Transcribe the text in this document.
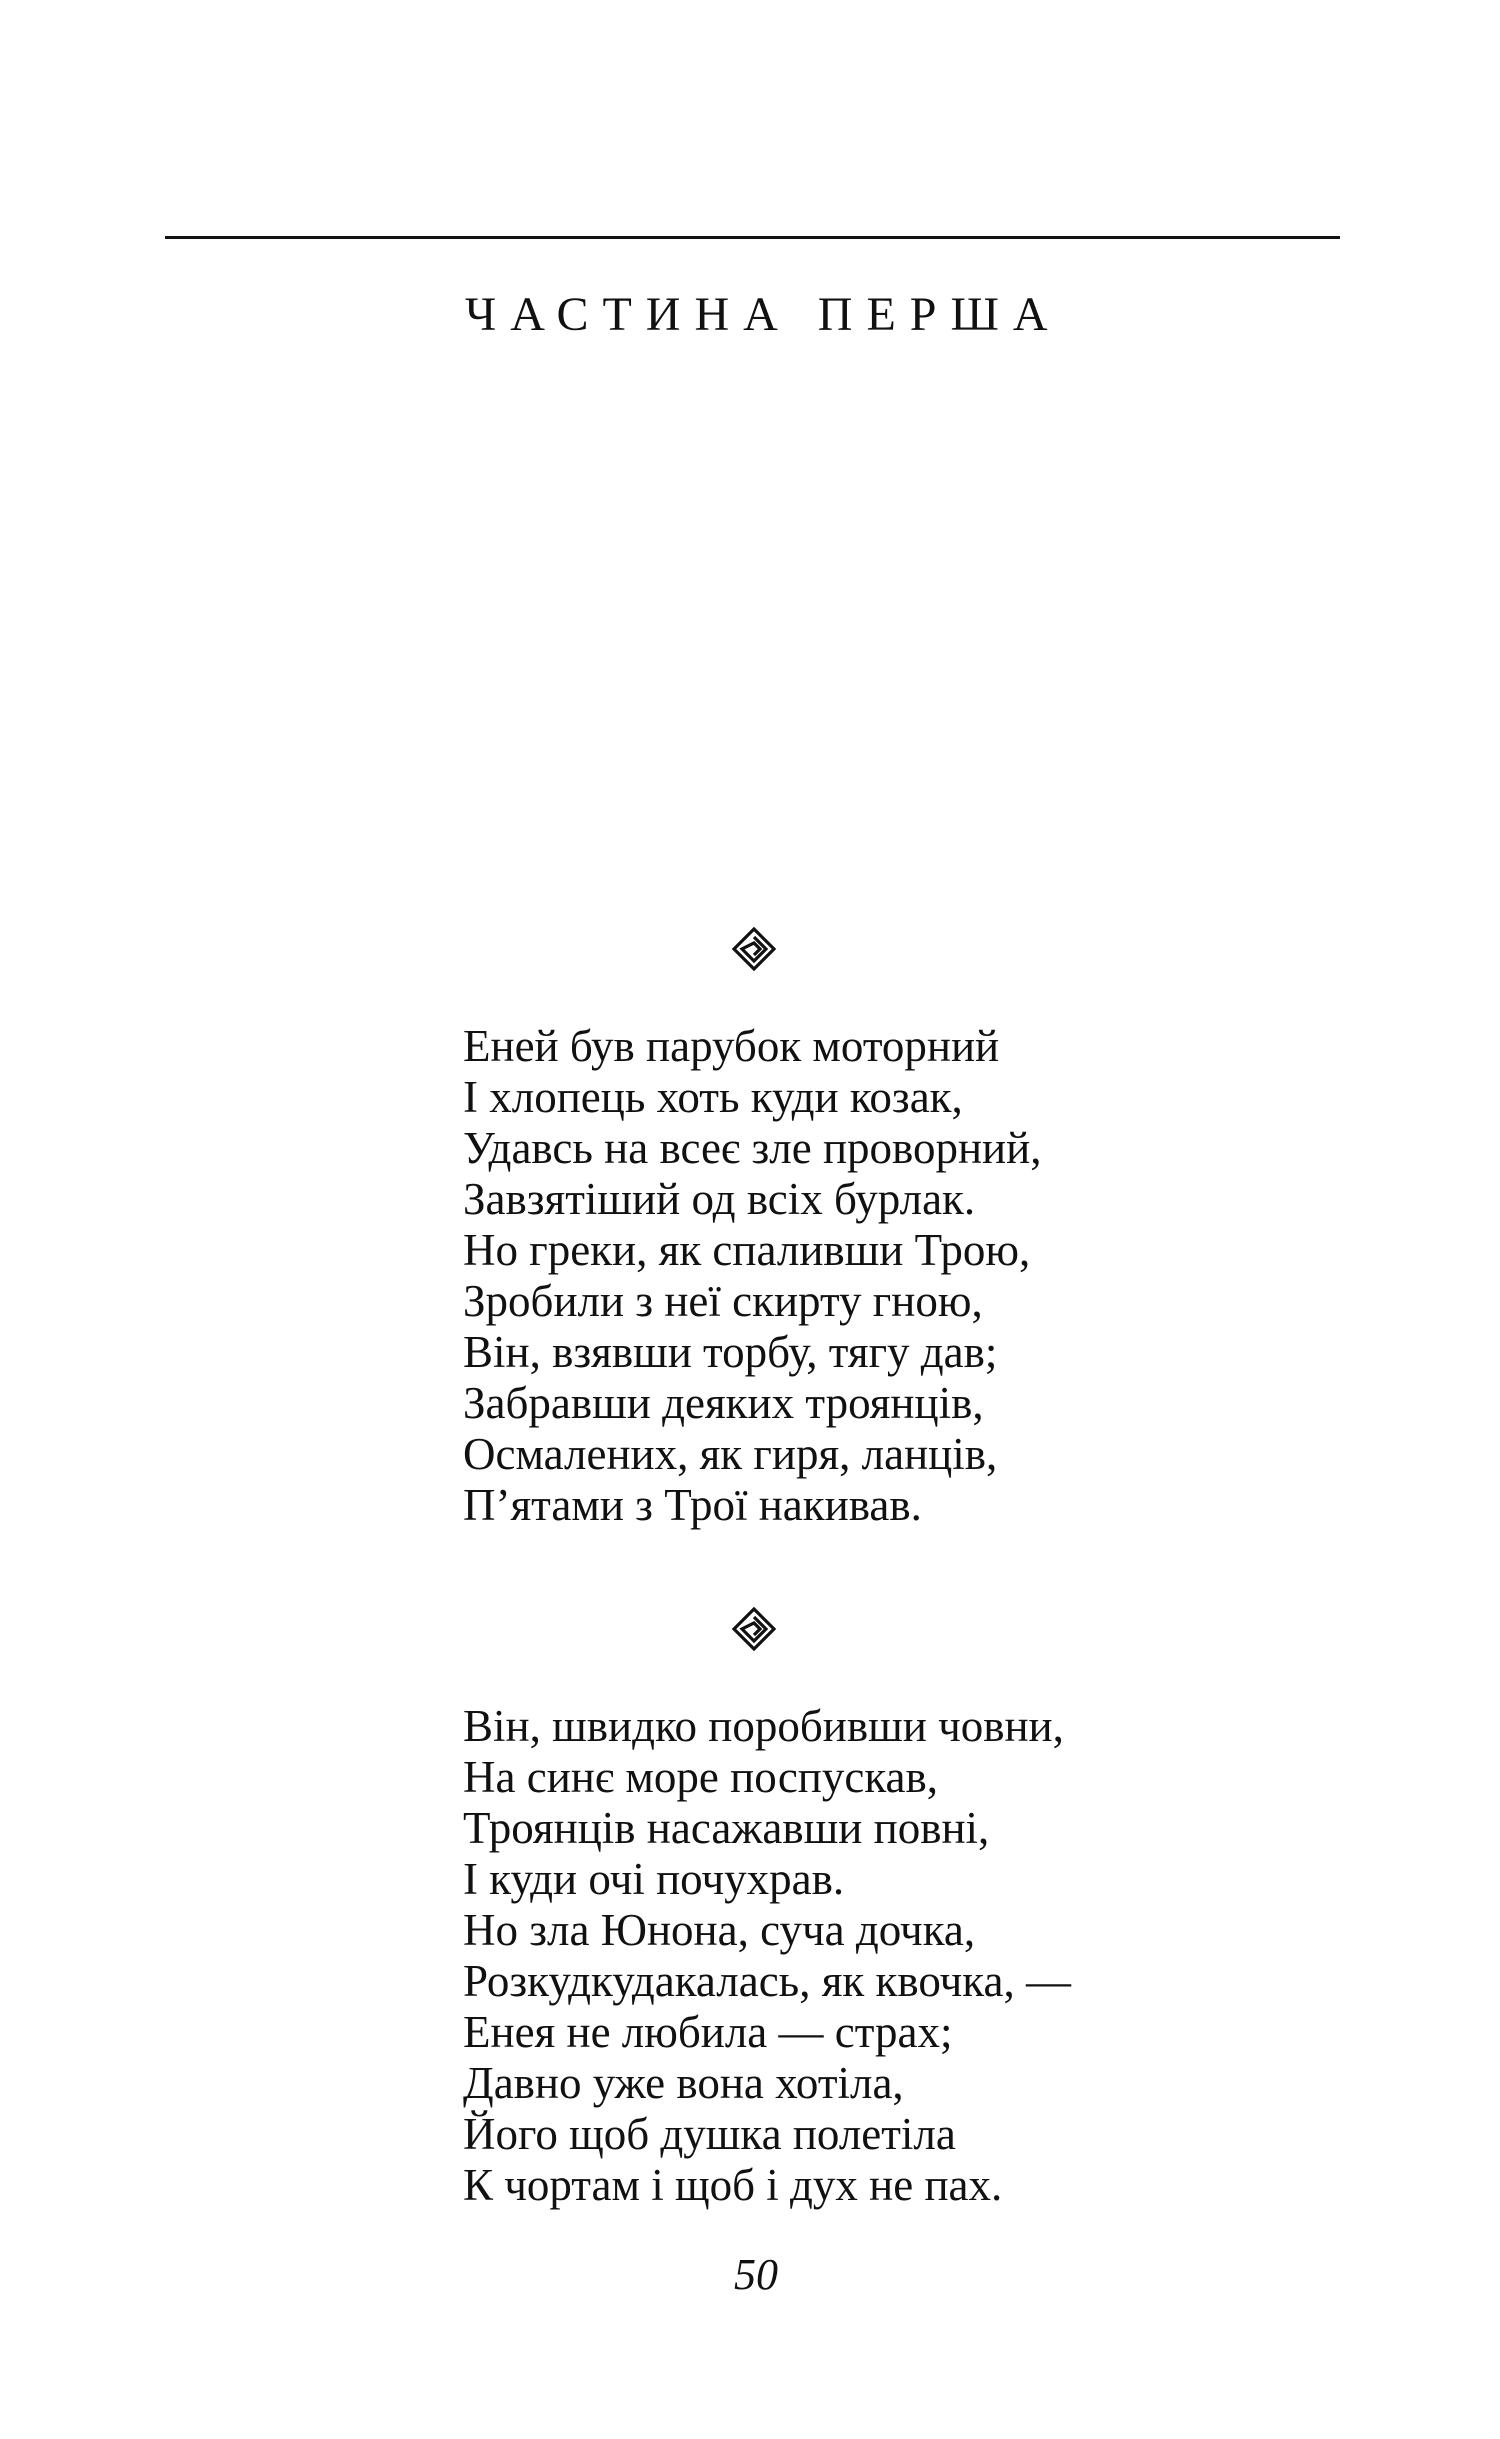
ЧАСТИНА ПЕРША
Еней був парубок моторний
І хлопець хоть куди козак,
Удавсь на всеє зле проворний,
Завзятіший од всіх бурлак.
Но греки, як спаливши Трою,
Зробили з неї скирту гною,
Він, взявши торбу, тягу дав;
Забравши деяких троянців,
Осмалених, як гиря, ланців,
П’ятами з Трої накивав.
Він, швидко поробивши човни,
На синє море поспускав,
Троянців насажавши повні,
І куди очі почухрав.
Но зла Юнона, суча дочка,
Розкудкудакалась, як квочка, —
Енея не любила — страх;
Давно уже вона хотіла,
Його щоб душка полетіла
К чортам і щоб і дух не пах.
50
